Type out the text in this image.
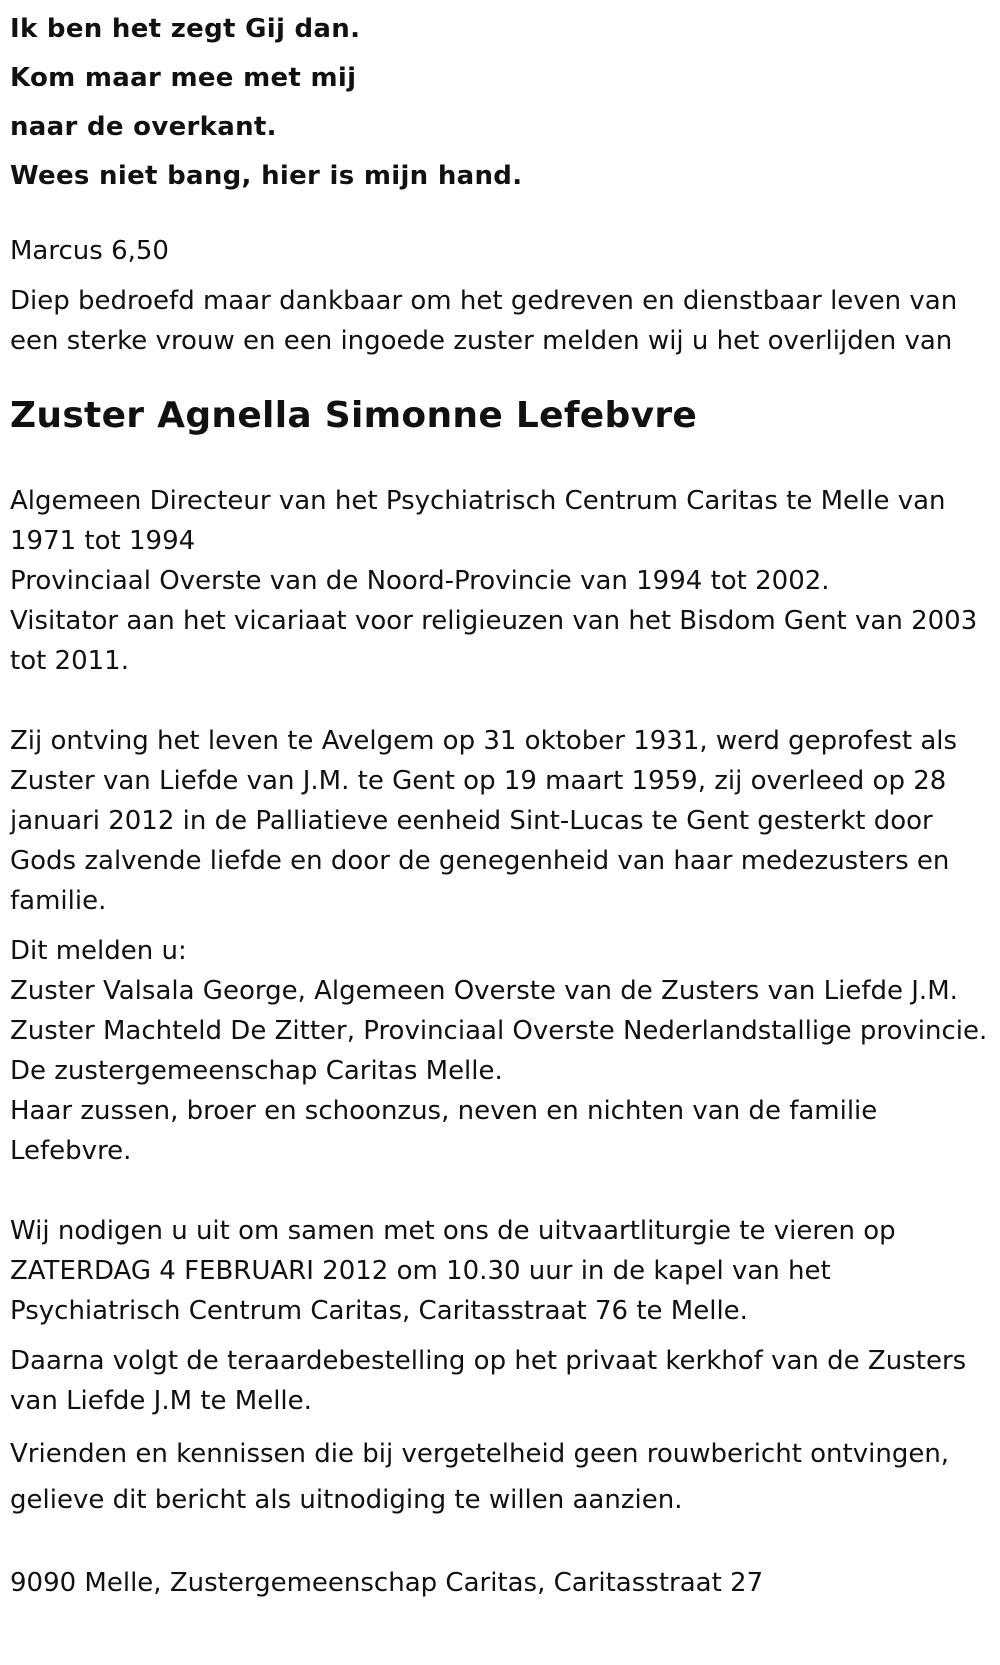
Ik ben het zegt Gij dan.
Kom maar mee met mij
naar de overkant.
Wees niet bang, hier is mijn hand.
Marcus 6,50

Diep bedroefd maar dankbaar om het gedreven en dienstbaar leven van een sterke vrouw en een ingoede zuster melden wij u het overlijden van

Zuster Agnella Simonne Lefebvre

Algemeen Directeur van het Psychiatrisch Centrum Caritas te Melle van 1971 tot 1994

Provinciaal Overste van de Noord-Provincie van 1994 tot 2002.

Visitator aan het vicariaat voor religieuzen van het Bisdom Gent van 2003 tot 2011.

Zij ontving het leven te Avelgem op 31 oktober 1931, werd geprofest als Zuster van Liefde van J.M. te Gent op 19 maart 1959, zij overleed op 28 januari 2012 in de Palliatieve eenheid Sint-Lucas te Gent gesterkt door Gods zalvende liefde en door de genegenheid van haar medezusters en familie.

Dit melden u:

Zuster Valsala George, Algemeen Overste van de Zusters van Liefde J.M.

Zuster Machteld De Zitter, Provinciaal Overste Nederlandstallige provincie.

De zustergemeenschap Caritas Melle.

Haar zussen, broer en schoonzus, neven en nichten van de familie Lefebvre.

Wij nodigen u uit om samen met ons de uitvaartliturgie te vieren op ZATERDAG 4 FEBRUARI 2012 om 10.30 uur in de kapel van het Psychiatrisch Centrum Caritas, Caritasstraat 76 te Melle.

Daarna volgt de teraardebestelling op het privaat kerkhof van de Zusters van Liefde J.M te Melle.

Vrienden en kennissen die bij vergetelheid geen rouwbericht ontvingen, gelieve dit bericht als uitnodiging te willen aanzien.

9090 Melle, Zustergemeenschap Caritas, Caritasstraat 27
